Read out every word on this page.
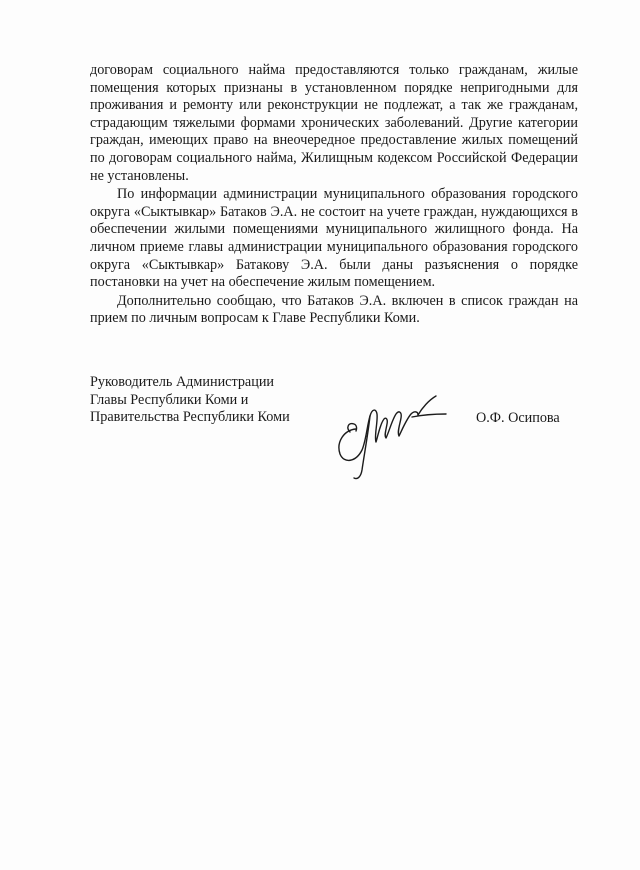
договорам социального найма предоставляются только гражданам, жилые помещения которых признаны в установленном порядке непригодными для проживания и ремонту или реконструкции не подлежат, а так же гражданам, страдающим тяжелыми формами хронических заболеваний. Другие категории граждан, имеющих право на внеочередное предоставление жилых помещений по договорам социального найма, Жилищным кодексом Российской Федерации не установлены.

По информации администрации муниципального образования городского округа «Сыктывкар» Батаков Э.А. не состоит на учете граждан, нуждающихся в обеспечении жилыми помещениями муниципального жилищного фонда. На личном приеме главы администрации муниципального образования городского округа «Сыктывкар» Батакову Э.А. были даны разъяснения о порядке постановки на учет на обеспечение жилым помещением.

Дополнительно сообщаю, что Батаков Э.А. включен в список граждан на прием по личным вопросам к Главе Республики Коми.

Руководитель Администрации
Главы Республики Коми и
Правительства Республики Коми	О.Ф. Осипова
